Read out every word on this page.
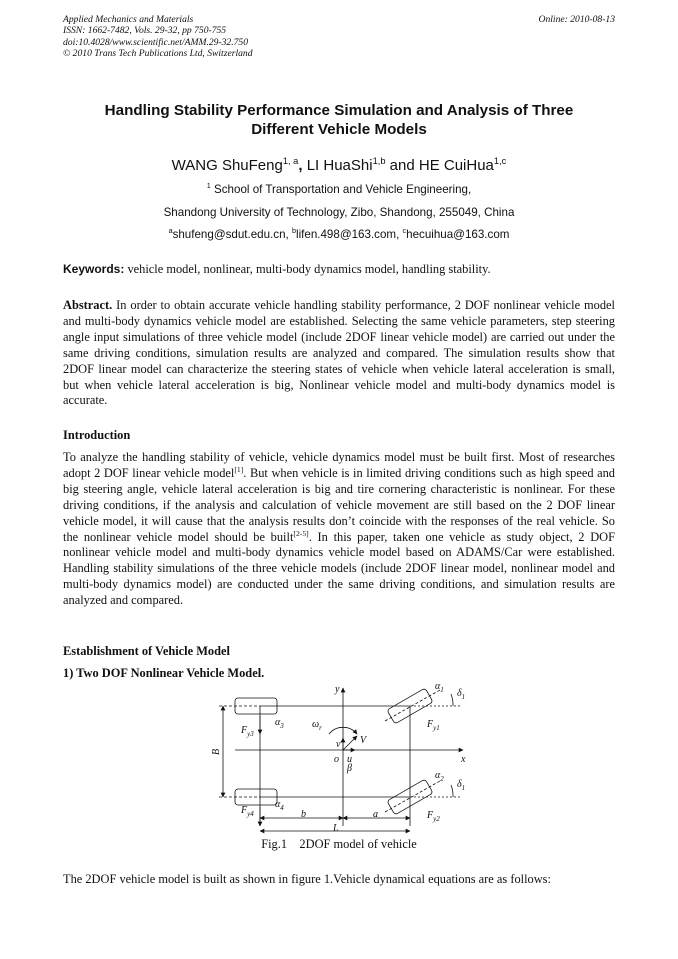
Applied Mechanics and Materials
ISSN: 1662-7482, Vols. 29-32, pp 750-755
doi:10.4028/www.scientific.net/AMM.29-32.750
© 2010 Trans Tech Publications Ltd, Switzerland
Online: 2010-08-13
Handling Stability Performance Simulation and Analysis of Three
Different Vehicle Models
WANG ShuFeng$^{1, a}$, LI HuaShi$^{1,b}$ and HE CuiHua$^{1,c}$
$^1$ School of Transportation and Vehicle Engineering,
Shandong University of Technology, Zibo, Shandong, 255049, China
$^a$shufeng@sdut.edu.cn, $^b$lifen.498@163.com, $^c$hecuihua@163.com
Keywords: vehicle model, nonlinear, multi-body dynamics model, handling stability.
Abstract. In order to obtain accurate vehicle handling stability performance, 2 DOF nonlinear vehicle model and multi-body dynamics vehicle model are established. Selecting the same vehicle parameters, step steering angle input simulations of three vehicle model (include 2DOF linear vehicle model) are carried out under the same driving conditions, simulation results are analyzed and compared. The simulation results show that 2DOF linear model can characterize the steering states of vehicle when vehicle lateral acceleration is small, but when vehicle lateral acceleration is big, Nonlinear vehicle model and multi-body dynamics model is accurate.
Introduction
To analyze the handling stability of vehicle, vehicle dynamics model must be built first. Most of researches adopt 2 DOF linear vehicle model[1]. But when vehicle is in limited driving conditions such as high speed and big steering angle, vehicle lateral acceleration is big and tire cornering characteristic is nonlinear. For these driving conditions, if the analysis and calculation of vehicle movement are still based on the 2 DOF linear vehicle model, it will cause that the analysis results don’t coincide with the responses of the real vehicle. So the nonlinear vehicle model should be built[2-5]. In this paper, taken one vehicle as study object, 2 DOF nonlinear vehicle model and multi-body dynamics vehicle model based on ADAMS/Car were established. Handling stability simulations of the three vehicle models (include 2DOF linear model, nonlinear model and multi-body dynamics model) are conducted under the same driving conditions, and simulation results are analyzed and compared.
Establishment of Vehicle Model
1) Two DOF Nonlinear Vehicle Model.
y
x
o
v
u
V
β
$\omega_r$
B
L
b	a
$F_{y3}$
$F_{y4}$
$F_{y1}$
$F_{y2}$
$\alpha_3$
$\alpha_4$
$\alpha_1$
$\alpha_2$
$\delta_1$
$\delta_1$
Fig.1    2DOF model of vehicle
The 2DOF vehicle model is built as shown in figure 1.Vehicle dynamical equations are as follows:
